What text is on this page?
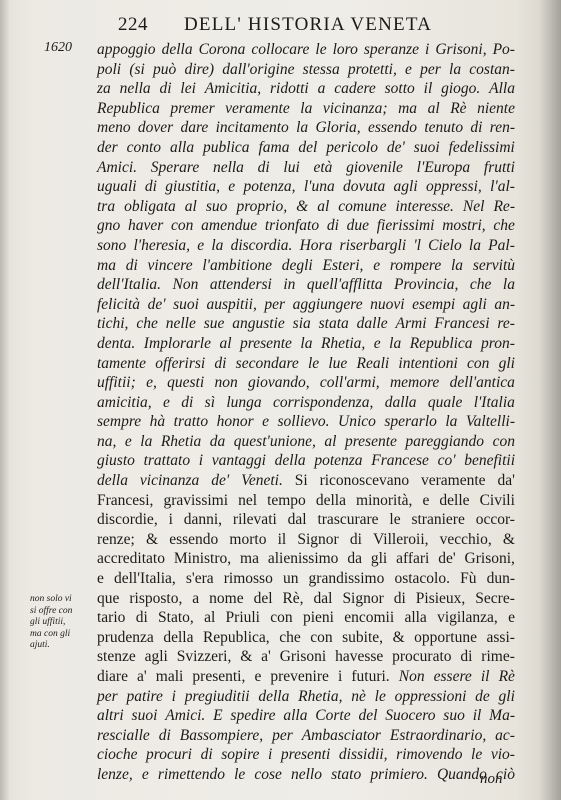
224 DELL' HISTORIA VENETA
1620 appoggio della Corona collocare le loro speranze i Grisoni, Po-
poli (si può dire) dall'origine stessa protetti, e per la costan-
za nella di lei Amicitia, ridotti a cadere sotto il giogo. Alla
Republica premer veramente la vicinanza; ma al Rè niente
meno dover dare incitamento la Gloria, essendo tenuto di ren-
der conto alla publica fama del pericolo de' suoi fedelissimi
Amici. Sperare nella di lui età giovenile l'Europa frutti
uguali di giustitia, e potenza, l'una dovuta agli oppressi, l'al-
tra obligata al suo proprio, & al comune interesse. Nel Re-
gno haver con amendue trionfato di due fierissimi mostri, che
sono l'heresia, e la discordia. Hora riserbargli 'l Cielo la Pal-
ma di vincere l'ambitione degli Esteri, e rompere la servitù
dell'Italia. Non attendersi in quell'afflitta Provincia, che la
felicità de' suoi auspitii, per aggiungere nuovi esempi agli an-
tichi, che nelle sue angustie sia stata dalle Armi Francesi re-
denta. Implorarle al presente la Rhetia, e la Republica pron-
tamente offerirsi di secondare le lue Reali intentioni con gli
uffitii; e, questi non giovando, coll'armi, memore dell'antica
amicitia, e di sì lunga corrispondenza, dalla quale l'Italia
sempre hà tratto honor e sollievo. Unico sperarlo la Valtelli-
na, e la Rhetia da quest'unione, al presente pareggiando con
giusto trattato i vantaggi della potenza Francese co' benefitii
della vicinanza de' Veneti. Si riconoscevano veramente da'
Francesi, gravissimi nel tempo della minorità, e delle Civili
discordie, i danni, rilevati dal trascurare le straniere occor-
renze; & essendo morto il Signor di Villeroii, vecchio, &
accreditato Ministro, ma alienissimo da gli affari de' Grisoni,
e dell'Italia, s'era rimosso un grandissimo ostacolo. Fù dun-
que risposto, a nome del Rè, dal Signor di Pisieux, Secre-
tario di Stato, al Priuli con pieni encomii alla vigilanza, e
prudenza della Republica, che con subite, & opportune assi-
stenze agli Svizzeri, & a' Grisoni havesse procurato di rime-
diare a' mali presenti, e prevenire i futuri. Non essere il Rè
per patire i pregiuditii della Rhetia, nè le oppressioni de gli
altri suoi Amici. E spedire alla Corte del Suocero suo il Ma-
rescialle di Bassompiere, per Ambasciator Estraordinario, ac-
cioche procuri di sopire i presenti dissidii, rimovendo le vio-
lenze, e rimettendo le cose nello stato primiero. Quando ciò
non solo vi
si offre con
gli uffitii,
ma con gli
ajuti.
non
